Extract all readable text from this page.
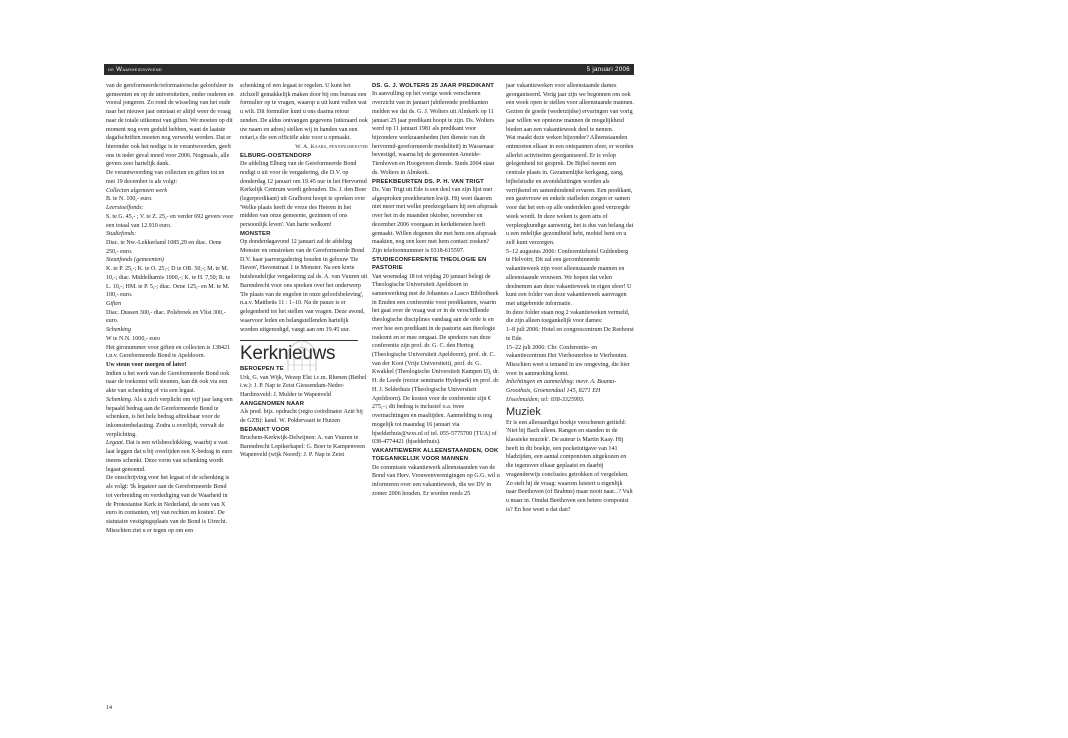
de Waarheidsvriend	5 januari 2006

van de gereformeerde/reformatorische geloofsleer in gemeenten en op de universiteiten, onder ouderen en vooral jongeren. Zo rond de wisseling van het oude naar het nieuwe jaar ontstaat er altijd weer de vraag naar de totale uitkomst van giften. We moeten op dit moment nog even geduld hebben, want de laatste dagafschriften moeten nog verwerkt worden. Dat er hieronder ook het nodige is te verantwoorden, geeft ons in ieder geval moed voor 2006. Nogmaals, alle gevers zeer hartelijk dank.

De verantwoording van collecten en giften tot en met 19 december is als volgt:

Collecten algemeen werk

B. te N. 100,- euro.

Leerstoelfonds:

S. te G. 45,- ; V. te Z. 25,- en verder 692 gevers voor een totaal van 12.910 euro.

Studiefonds:

Diac. te Nw.-Lekkerland 1085,29 en diac. Oene 250,- euro.

Steunfonds (gemeenten)

K. te P. 25,-; K. te O. 25,-; D te OB. 50,-; M. te M. 10,-; diac. Middelharnis 1000,-; K. te H. 7,50; R. te L. 10,-; HM. te P. 5,-; diac. Oene 125,- en M. te M. 100,- euro.

Giften

Diac. Dussen 300,- diac. Polsbroek en Vlist 300,- euro.

Schenking

W te N.N. 1000,- euro

Het gironummer voor giften en collecten is 138421 t.n.v. Gereformeerde Bond te Apeldoorn.

Uw steun voor morgen of later!

Indien u het werk van de Gereformeerde Bond ook naar de toekomst wilt steunen, kan dit ook via een akte van schenking of via een legaat.

Schenking. Als u zich verplicht om vijf jaar lang een bepaald bedrag aan de Gereformeerde Bond te schenken, is het hele bedrag aftrekbaar voor de inkomstenbelasting. Zodra u overlijdt, vervalt de verplichting.

Legaat. Dat is een wilsbeschikking, waarbij u vast laat leggen dat u bij overlijden een X-bedrag in euro ineens schenkt. Deze vorm van schenking wordt legaat genoemd.

De omschrijving voor het legaat of de schenking is als volgt: 'Ik legateer aan de Gereformeerde Bond tot verbreiding en verdediging van de Waarheid in de Protestantse Kerk in Nederland, de som van X euro in contanten, vrij van rechten en kosten'. De statutaire vestigingsplaats van de Bond is Utrecht.

Misschien ziet u er tegen op om een

schenking of een legaat te regelen. U kunt het zichzelf gemakkelijk maken door bij ons bureau een formulier op te vragen, waarop u uit kunt vullen wat u wilt. Dit formulier kunt u ons daarna retour zenden. De aldus ontvangen gegevens (uiteraard ook uw naam en adres) stellen wij in handen van een notari,s die een officiële akte voor u opmaakt.

W. A. Kaars, penningmeester

ELBURG-OOSTENDORP

De afdeling Elburg van de Gereformeerde Bond nodigt u uit voor de vergadering, die D.V. op donderdag 12 januari om 19.45 uur in het Hervormd Kerkelijk Centrum wordt gehouden. Ds. J. den Boer (legerpredikant) uit Grafhorst hoopt te spreken over 'Welke plaats heeft de vreze des Heeren in het midden van onze gemeente, gezinnen of ons persoonlijk leven'. Van harte welkom!

MONSTER

Op donderdagavond 12 januari zal de afdeling Monster en omstreken van de Gereformeerde Bond D.V. haar jaarvergadering houden in gebouw 'De Haven', Havenstraat 1 te Monster. Na een korte huishoudelijke vergadering zal ds. A. van Vuuren uit Barendrecht voor ons spreken over het onderwerp 'De plaats van de engelen in onze geloofsbeleving', n.a.v. Mattheüs 11 : 1–10. Na de pauze is er gelegenheid tot het stellen van vragen. Deze avond, waarvoor leden en belangstellenden hartelijk worden uitgenodigd, vangt aan om 19.45 uur.

Kerknieuws

BEROEPEN TE

Urk, G. van Wijk, Wezep Elst i.c.m. Rhenen (Bethel i.w.): J. P. Nap te Zeist Giessendam-Neder-Hardinxveld: J. Mulder te Wapenveld

AANGENOMEN NAAR

Als pred. bijz. opdracht (regio coördinator Azië bij de GZB): kand. W. Poldervaart te Huizen

BEDANKT VOOR

Bruchem-Kerkwijk-Delwijnen: A. van Vuuren te Barendrecht Lopikerkapel: G. Boer te Kampenveen Wapenveld (wijk Noord): J. P. Nap te Zeist

DS. G. J. WOLTERS 25 JAAR PREDIKANT

In aanvulling op het vorige week verschenen overzicht van in januari jubilerende predikanten melden we dat ds. G. J. Wolters uit Almkerk op 11 januari 25 jaar predikant hoopt te zijn. Ds. Wolters werd op 11 januari 1981 als predikant voor bijzondere werkzaamheden (ten dienste van de hervormd-gereformeerde modaliteit) in Wassenaar bevestigd, waarna hij de gemeenten Ameide-Tienhoven en Hoogeveen diende. Sinds 2004 staat ds. Wolters in Almkerk.

PREEKBEURTEN DS. P. H. VAN TRIGT

Ds. Van Trigt uit Ede is een deel van zijn lijst met afgesproken preekbeurten kwijt. Hij weet daarom niet meer met welke preekregelaars hij een afspraak over het in de maanden oktober, november en december 2006 voorgaan in kerkdiensten heeft gemaakt. Willen degenen die met hem een afspraak maakten, nog een keer met hem contact zoeken? Zijn telefoonnummer is 0318-615597.

STUDIECONFERENTIE THEOLOGIE EN PASTORIE

Van woensdag 18 tot vrijdag 20 januari belegt de Theologische Universiteit Apeldoorn in samenwerking met de Johannes a Lasco Bibliotheek in Emden een conferentie voor predikanten, waarin het gaat over de vraag wat er in de verschillende theologische disciplines vandaag aan de orde is en over hoe een predikant in de pastorie aan theologie toekomt en er mee omgaat. De sprekers van deze conferentie zijn prof. dr. G. C. den Hertog (Theologische Universiteit Apeldoorn), prof. dr. C. van der Kooi (Vrije Universiteit), prof. dr. G. Kwakkel (Theologische Universiteit Kampen IJ), dr. H. de Leede (rector seminarie Hydepark) en prof. dr. H. J. Selderhuis (Theologische Universiteit Apeldoorn). De kosten voor de conferentie zijn € 275,–; dit bedrag is inclusief o.a. twee overnachtingen en maaltijden. Aanmelding is nog mogelijk tot maandag 16 januari via hjselderhuis@wxs.nl of tel. 055-5775700 (TUA) of 038-4774421 (hjselderhuis).

VAKANTIEWERK ALLEENSTAANDEN, OOK TOEGANKELIJK VOOR MANNEN

De commissie vakantiewerk alleenstaanden van de Bond van Herv. Vrouwenverenigingen op G.G. wil u informeren over een vakantieweek, die we DV in zomer 2006 houden. Er worden reeds 25

jaar vakantieweken voor alleenstaande dames georganiseerd. Vorig jaar zijn we begonnen om ook een week open te stellen voor alleenstaande mannen. Gezien de goede (wederzijdse) ervaringen van vorig jaar willen we opnieuw mannen de mogelijkheid bieden aan een vakantieweek deel te nemen.

Wat maakt deze weken bijzonder? Alleenstaanden ontmoeten elkaar in een ontspannen sfeer, er worden allerlei activiteiten georganiseerd. Er is volop gelegenheid tot gesprek. De Bijbel neemt een centrale plaats in. Gezamenlijke kerkgang, zang, bijbelstudie en avondsluitingen worden als verrijkend en samenbindend ervaren. Een predikant, een gastvrouw en enkele stafleden zorgen er samen voor dat het een op alle onderdelen goed verzorgde week wordt. In deze weken is geen arts of verpleegkundige aanwezig, het is dus van belang dat u een redelijke gezondheid hebt, mobiel bent en u zelf kunt verzorgen.

5–12 augustus 2006: Conferentiehotel Guldenberg te Helvoirt; Dit zal een gecombineerde vakantieweek zijn voor alleenstaande mannen en alleenstaande vrouwen. We hopen dat velen deelnemen aan deze vakantieweek in eigen sfeer! U kunt een folder van deze vakantieweek aanvragen met uitgebreide informatie.

In deze folder staan nog 2 vakantieweken vermeld, die zijn alleen toegankelijk voor dames:

1–8 juli 2006: Hotel en congrescentrum De Reehorst te Ede.

15–22 juli 2006: Chr. Conferentie- en vakantiecentrum Het Vierhouterbos te Vierhouten. Misschien weet u iemand in uw omgeving, die hier voor in aanmerking komt.

Inlichtingen en aanmelding: mevr. A. Bouma-Groothuis, Groenendaal 145, 8271 EH IJsselmuiden; tel: 038-3325993.

Muziek

Er is een alleraardigst boekje verschenen getiteld: 'Niet bij Bach alleen. Rangen en standen in de klassieke muziek'. De auteur is Martin Kaay. Hij heeft in dit boekje, een pocketuitgave van 141 bladzijden, een aantal componisten uitgekozen en die tegenover elkaar geplaatst en daarbij vragenderwijs conclusies getrokken of vergeleken. Zo stelt hij de vraag: waarom luistert u eigenlijk naar Beethoven (of Brahms) maar nooit naar...? Vult u maar in. Omdat Beethoven een betere componist is? En hoe weet u dat dan?

14
